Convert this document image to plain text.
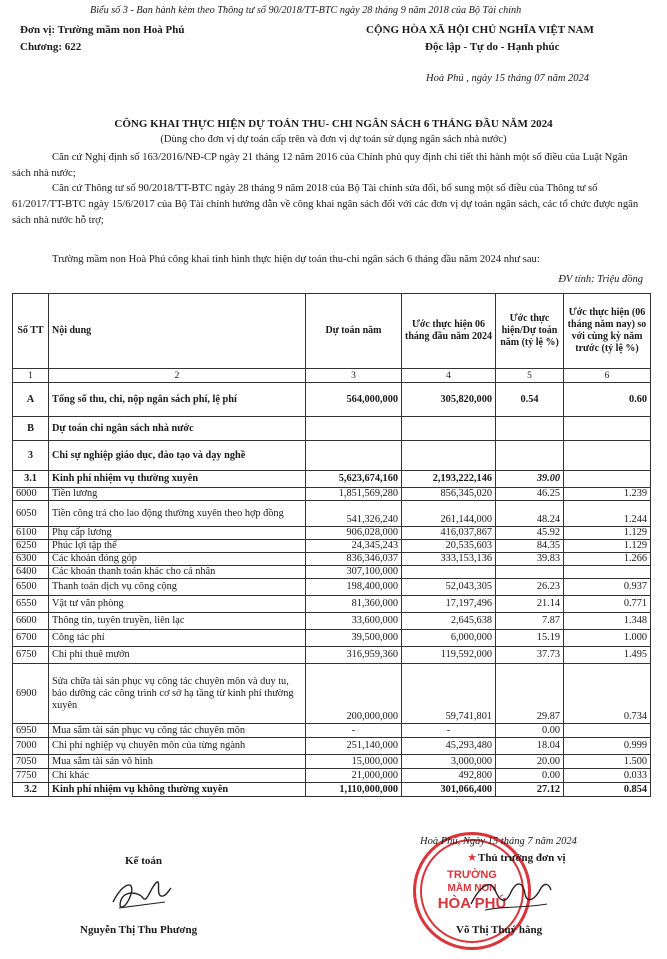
Biểu số 3 - Ban hành kèm theo Thông tư số 90/2018/TT-BTC ngày 28 tháng 9 năm 2018 của Bộ Tài chính
Đơn vị: Trường mầm non Hoà Phú
Chương: 622
CỘNG HÒA XÃ HỘI CHỦ NGHĨA VIỆT NAM
Độc lập - Tự do - Hạnh phúc
Hoà Phú , ngày 15 tháng 07 năm 2024
CÔNG KHAI THỰC HIỆN DỰ TOÁN THU- CHI NGÂN SÁCH 6 THÁNG ĐẦU NĂM 2024
(Dùng cho đơn vị dự toán cấp trên và đơn vị dự toán sử dụng ngân sách nhà nước)

Căn cứ Nghị định số 163/2016/NĐ-CP ngày 21 tháng 12 năm 2016 của Chính phủ quy định chi tiết thi hành một số điều của Luật Ngân sách nhà nước;

Căn cứ Thông tư số 90/2018/TT-BTC ngày 28 tháng 9 năm 2018 của Bộ Tài chính sửa đổi, bổ sung một số điều của Thông tư số 61/2017/TT-BTC ngày 15/6/2017 của Bộ Tài chính hướng dẫn về công khai ngân sách đối với các đơn vị dự toán ngân sách, các tổ chức được ngân sách nhà nước hỗ trợ;

Trường mầm non Hoà Phú công khai tình hình thực hiện dự toán thu-chi ngân sách 6 tháng đầu năm 2024 như sau:

ĐV tính: Triệu đồng
Số TT	Nội dung	Dự toán năm	Ước thực hiện 06 tháng đầu năm 2024	Ước thực hiện/Dự toán năm (tỷ lệ %)	Ước thực hiện (06 tháng năm nay) so với cùng kỳ năm trước (tỷ lệ %)
1	2	3	4	5	6
A	Tổng số thu, chi, nộp ngân sách phí, lệ phí	564,000,000	305,820,000	0.54	0.60
B	Dự toán chi ngân sách nhà nước				
3	Chi sự nghiệp giáo dục, đào tạo và dạy nghề				
3.1	Kinh phí nhiệm vụ thường xuyên	5,623,674,160	2,193,222,146	39.00	
6000	Tiền lương	1,851,569,280	856,345,020	46.25	1.239
6050	Tiền công trả cho lao động thường xuyên theo hợp đồng	541,326,240	261,144,000	48.24	1.244
6100	Phụ cấp lương	906,028,000	416,037,867	45.92	1.129
6250	Phúc lợi tập thể	24,345,243	20,535,603	84.35	1.129
6300	Các khoản đóng góp	836,346,037	333,153,136	39.83	1.266
6400	Các khoản thanh toán khác cho cá nhân	307,100,000			
6500	Thanh toán dịch vụ công cộng	198,400,000	52,043,305	26.23	0.937
6550	Vật tư văn phòng	81,360,000	17,197,496	21.14	0.771
6600	Thông tin, tuyên truyền, liên lạc	33,600,000	2,645,638	7.87	1.348
6700	Công tác phí	39,500,000	6,000,000	15.19	1.000
6750	Chi phí thuê mướn	316,959,360	119,592,000	37.73	1.495
6900	Sửa chữa tài sản phục vụ công tác chuyên môn và duy tu, bảo dưỡng các công trình cơ sở hạ tầng từ kinh phí thường xuyên	200,000,000	59,741,801	29.87	0.734
6950	Mua sắm tài sản phục vụ công tác chuyên môn	-	-	0.00	
7000	Chi phí nghiệp vụ chuyên môn của từng ngành	251,140,000	45,293,480	18.04	0.999
7050	Mua sắm tài sản vô hình	15,000,000	3,000,000	20.00	1.500
7750	Chi khác	21,000,000	492,800	0.00	0.033
3.2	Kinh phí nhiệm vụ không thường xuyên	1,110,000,000	301,066,400	27.12	0.854
Kế toán
Nguyễn Thị Thu Phương
★
TRƯỜNG
MẦM NON
HÒA PHÚ
Hoà Phú, Ngày 15 tháng 7 năm 2024
Thủ trưởng đơn vị
Võ Thị Thuý hằng
